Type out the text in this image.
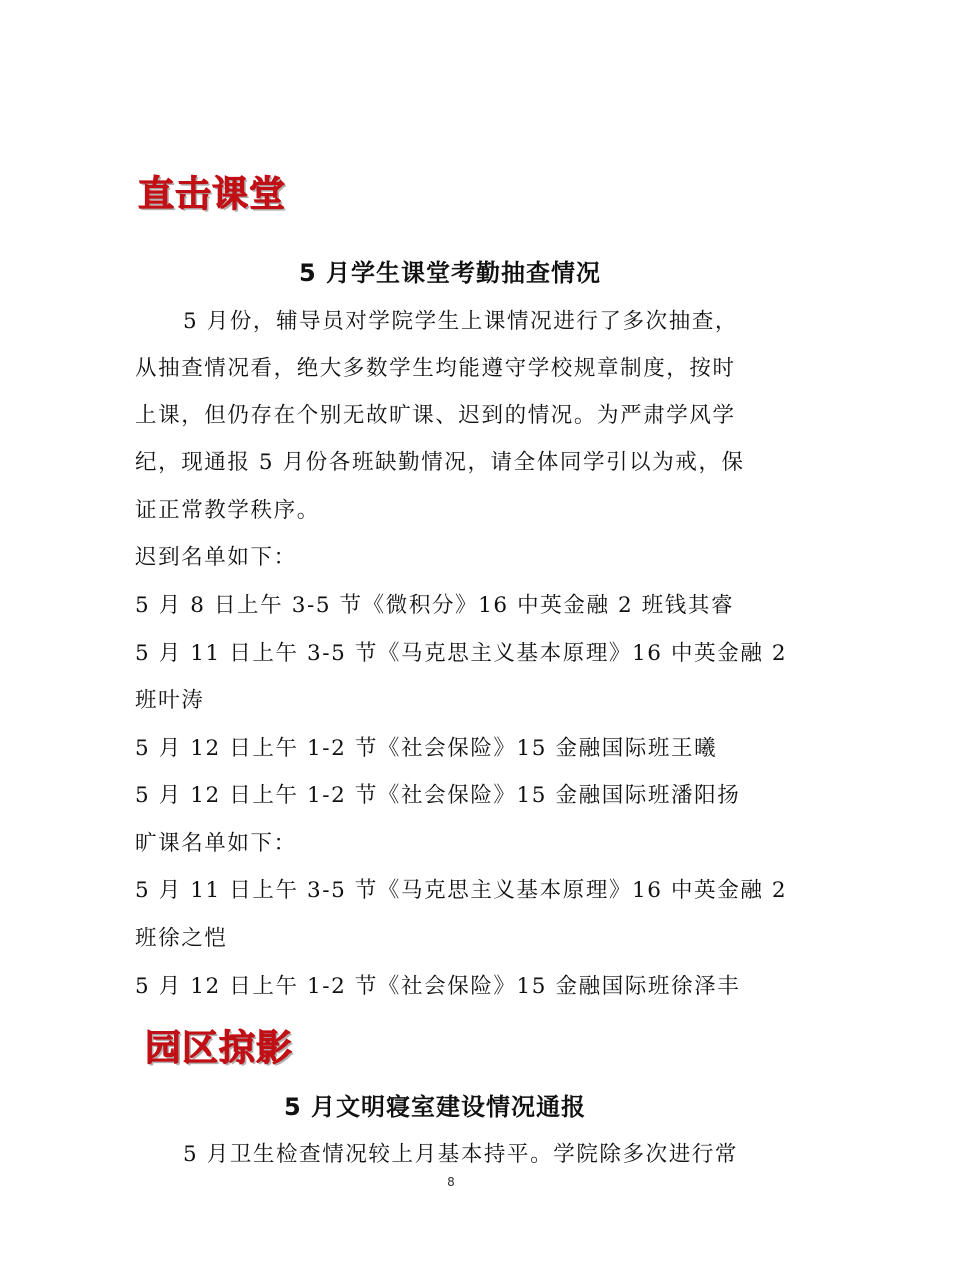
直击课堂
5 月学生课堂考勤抽查情况
5 月份，辅导员对学院学生上课情况进行了多次抽查，
从抽查情况看，绝大多数学生均能遵守学校规章制度，按时
上课，但仍存在个别无故旷课、迟到的情况。为严肃学风学
纪，现通报 5 月份各班缺勤情况，请全体同学引以为戒，保
证正常教学秩序。
迟到名单如下：
5 月 8 日上午 3-5 节《微积分》16 中英金融 2 班钱其睿
5 月 11 日上午 3-5 节《马克思主义基本原理》16 中英金融 2
班叶涛
5 月 12 日上午 1-2 节《社会保险》15 金融国际班王曦
5 月 12 日上午 1-2 节《社会保险》15 金融国际班潘阳扬
旷课名单如下：
5 月 11 日上午 3-5 节《马克思主义基本原理》16 中英金融 2
班徐之恺
5 月 12 日上午 1-2 节《社会保险》15 金融国际班徐泽丰
园区掠影
5 月文明寝室建设情况通报
5 月卫生检查情况较上月基本持平。学院除多次进行常
8
